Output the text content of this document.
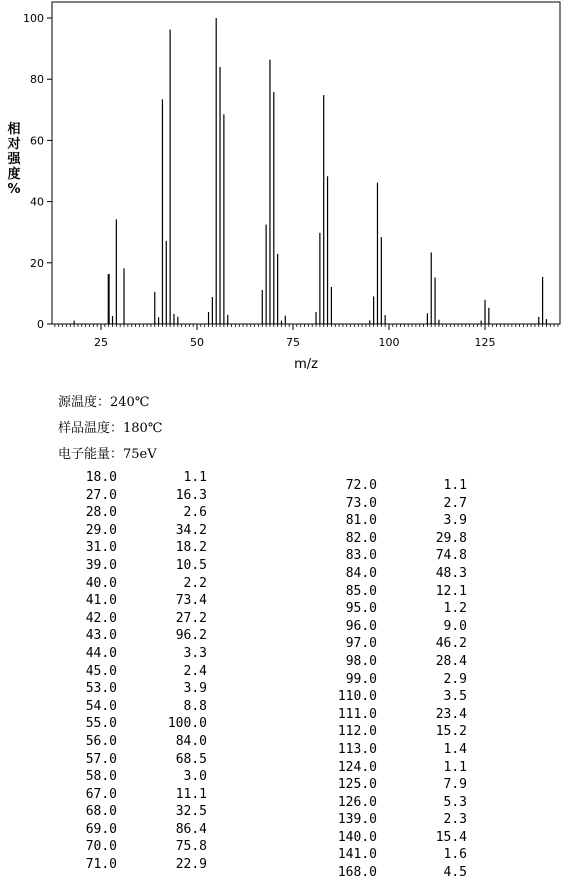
25	50	75	100	125
0
20
40
60
80
100
m/z
相对强度%
源温度：240℃
样品温度：180℃
电子能量：75eV
18.0	1.1
27.0	16.3
28.0	2.6
29.0	34.2
31.0	18.2
39.0	10.5
40.0	2.2
41.0	73.4
42.0	27.2
43.0	96.2
44.0	3.3
45.0	2.4
53.0	3.9
54.0	8.8
55.0	100.0
56.0	84.0
57.0	68.5
58.0	3.0
67.0	11.1
68.0	32.5
69.0	86.4
70.0	75.8
71.0	22.9
72.0	1.1
73.0	2.7
81.0	3.9
82.0	29.8
83.0	74.8
84.0	48.3
85.0	12.1
95.0	1.2
96.0	9.0
97.0	46.2
98.0	28.4
99.0	2.9
110.0	3.5
111.0	23.4
112.0	15.2
113.0	1.4
124.0	1.1
125.0	7.9
126.0	5.3
139.0	2.3
140.0	15.4
141.0	1.6
168.0	4.5
